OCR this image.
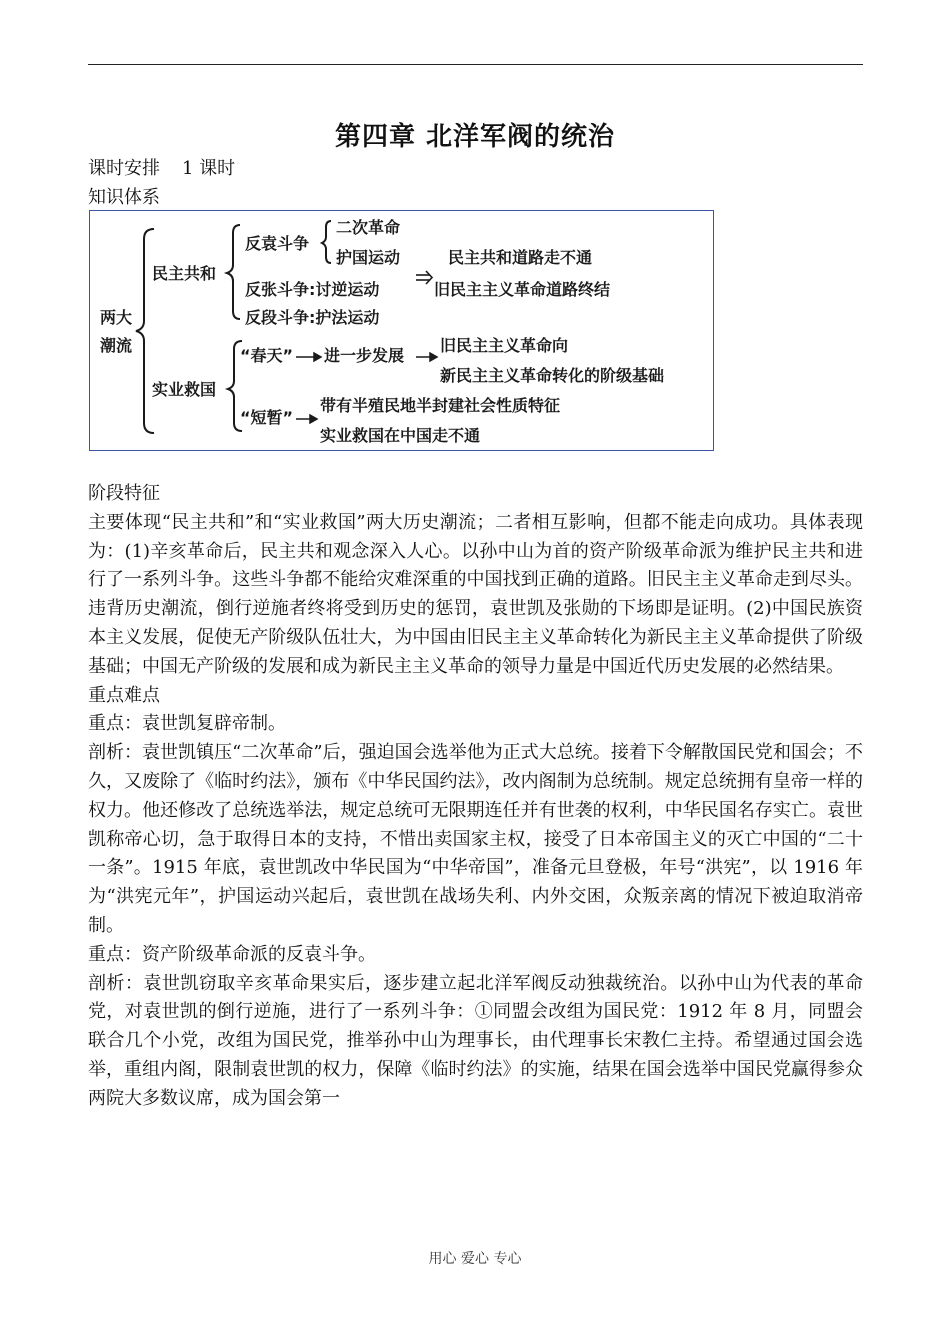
第四章 北洋军阀的统治
课时安排 1 课时
知识体系
两大
潮流
民主共和
反袁斗争
二次革命
护国运动
反张斗争:讨逆运动
反段斗争:护法运动
民主共和道路走不通
旧民主主义革命道路终结
实业救国
“春天” 进一步发展
旧民主主义革命向
新民主主义革命转化的阶级基础
“短暂”
带有半殖民地半封建社会性质特征
实业救国在中国走不通

阶段特征

主要体现“民主共和”和“实业救国”两大历史潮流；二者相互影响，但都不能走向成功。具体表现为：(1)辛亥革命后，民主共和观念深入人心。以孙中山为首的资产阶级革命派为维护民主共和进行了一系列斗争。这些斗争都不能给灾难深重的中国找到正确的道路。旧民主主义革命走到尽头。违背历史潮流，倒行逆施者终将受到历史的惩罚，袁世凯及张勋的下场即是证明。(2)中国民族资本主义发展，促使无产阶级队伍壮大，为中国由旧民主主义革命转化为新民主主义革命提供了阶级基础；中国无产阶级的发展和成为新民主主义革命的领导力量是中国近代历史发展的必然结果。

重点难点

重点：袁世凯复辟帝制。

剖析：袁世凯镇压“二次革命”后，强迫国会选举他为正式大总统。接着下令解散国民党和国会；不久，又废除了《临时约法》，颁布《中华民国约法》，改内阁制为总统制。规定总统拥有皇帝一样的权力。他还修改了总统选举法，规定总统可无限期连任并有世袭的权利，中华民国名存实亡。袁世凯称帝心切，急于取得日本的支持，不惜出卖国家主权，接受了日本帝国主义的灭亡中国的“二十一条”。1915 年底，袁世凯改中华民国为“中华帝国”，准备元旦登极，年号“洪宪”，以 1916 年为“洪宪元年”，护国运动兴起后，袁世凯在战场失利、内外交困，众叛亲离的情况下被迫取消帝制。

重点：资产阶级革命派的反袁斗争。

剖析：袁世凯窃取辛亥革命果实后，逐步建立起北洋军阀反动独裁统治。以孙中山为代表的革命党，对袁世凯的倒行逆施，进行了一系列斗争：①同盟会改组为国民党：1912 年 8 月，同盟会联合几个小党，改组为国民党，推举孙中山为理事长，由代理事长宋教仁主持。希望通过国会选举，重组内阁，限制袁世凯的权力，保障《临时约法》的实施，结果在国会选举中国民党赢得参众两院大多数议席，成为国会第一

用心 爱心 专心
